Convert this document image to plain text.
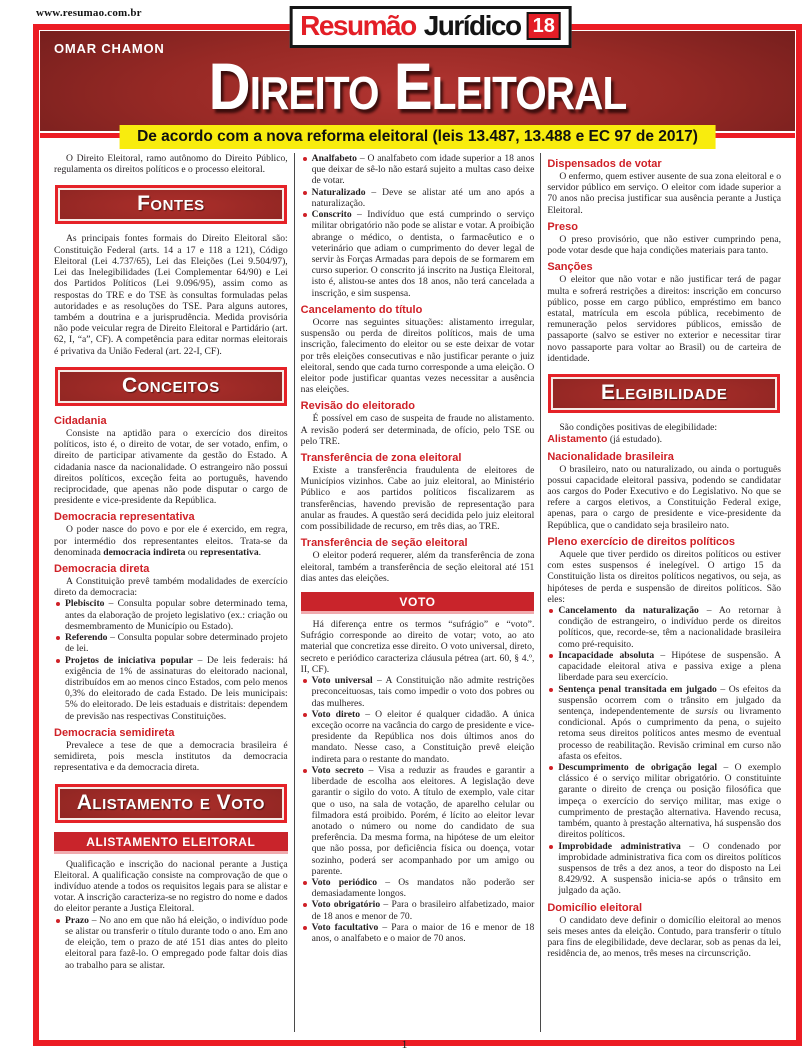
www.resumao.com.br	Resumão Jurídico 18
OMAR CHAMON
Direito Eleitoral
De acordo com a nova reforma eleitoral (leis 13.487, 13.488 e EC 97 de 2017)
O Direito Eleitoral, ramo autônomo do Direito Público, regulamenta os direitos políticos e o processo eleitoral.
Fontes
As principais fontes formais do Direito Eleitoral são: Constituição Federal (arts. 14 a 17 e 118 a 121), Código Eleitoral (Lei 4.737/65), Lei das Eleições (Lei 9.504/97), Lei das Inelegibilidades (Lei Complementar 64/90) e Lei dos Partidos Políticos (Lei 9.096/95), assim como as respostas do TRE e do TSE às consultas formuladas pelas autoridades e as resoluções do TSE. Para alguns autores, também a doutrina e a jurisprudência. Medida provisória não pode veicular regra de Direito Eleitoral e Partidário (art. 62, I, “a”, CF). A competência para editar normas eleitorais é privativa da União Federal (art. 22-I, CF).
Conceitos
Cidadania
Consiste na aptidão para o exercício dos direitos políticos, isto é, o direito de votar, de ser votado, enfim, o direito de participar ativamente da gestão do Estado. A cidadania nasce da nacionalidade. O estrangeiro não possui direitos políticos, exceção feita ao português, havendo reciprocidade, que apenas não pode disputar o cargo de presidente e vice-presidente da República.
Democracia representativa
O poder nasce do povo e por ele é exercido, em regra, por intermédio dos representantes eleitos. Trata-se da denominada democracia indireta ou representativa.
Democracia direta
A Constituição prevê também modalidades de exercício direto da democracia:
Plebiscito – Consulta popular sobre determinado tema, antes da elaboração de projeto legislativo (ex.: criação ou desmembramento de Município ou Estado).
Referendo – Consulta popular sobre determinado projeto de lei.
Projetos de iniciativa popular – De leis federais: há exigência de 1% de assinaturas do eleitorado nacional, distribuídos em ao menos cinco Estados, com pelo menos 0,3% do eleitorado de cada Estado. De leis municipais: 5% do eleitorado. De leis estaduais e distritais: dependem de previsão nas respectivas Constituições.
Democracia semidireta
Prevalece a tese de que a democracia brasileira é semidireta, pois mescla institutos da democracia representativa e da democracia direta.
Alistamento e Voto
ALISTAMENTO ELEITORAL
Qualificação e inscrição do nacional perante a Justiça Eleitoral. A qualificação consiste na comprovação de que o indivíduo atende a todos os requisitos legais para se alistar e votar. A inscrição caracteriza-se no registro do nome e dados do eleitor perante a Justiça Eleitoral.
Prazo – No ano em que não há eleição, o indivíduo pode se alistar ou transferir o título durante todo o ano. Em ano de eleição, tem o prazo de até 151 dias antes do pleito eleitoral para fazê-lo. O empregado pode faltar dois dias ao trabalho para se alistar.
Analfabeto – O analfabeto com idade superior a 18 anos que deixar de sê-lo não estará sujeito a multas caso deixe de votar.
Naturalizado – Deve se alistar até um ano após a naturalização.
Conscrito – Indivíduo que está cumprindo o serviço militar obrigatório não pode se alistar e votar. A proibição abrange o médico, o dentista, o farmacêutico e o veterinário que adiam o cumprimento do dever legal de servir às Forças Armadas para depois de se formarem em curso superior. O conscrito já inscrito na Justiça Eleitoral, isto é, alistou-se antes dos 18 anos, não terá cancelada a inscrição, e sim suspensa.
Cancelamento do título
Ocorre nas seguintes situações: alistamento irregular, suspensão ou perda de direitos políticos, mais de uma inscrição, falecimento do eleitor ou se este deixar de votar por três eleições consecutivas e não justificar perante o juiz eleitoral, sendo que cada turno corresponde a uma eleição. O eleitor pode justificar quantas vezes necessitar a ausência nas eleições.
Revisão do eleitorado
É possível em caso de suspeita de fraude no alistamento. A revisão poderá ser determinada, de ofício, pelo TSE ou pelo TRE.
Transferência de zona eleitoral
Existe a transferência fraudulenta de eleitores de Municípios vizinhos. Cabe ao juiz eleitoral, ao Ministério Público e aos partidos políticos fiscalizarem as transferências, havendo previsão de representação para anular as fraudes. A questão será decidida pelo juiz eleitoral com possibilidade de recurso, em três dias, ao TRE.
Transferência de seção eleitoral
O eleitor poderá requerer, além da transferência de zona eleitoral, também a transferência de seção eleitoral até 151 dias antes das eleições.
VOTO
Há diferença entre os termos “sufrágio” e “voto”. Sufrágio corresponde ao direito de votar; voto, ao ato material que concretiza esse direito. O voto universal, direto, secreto e periódico caracteriza cláusula pétrea (art. 60, § 4.º, II, CF).
Voto universal – A Constituição não admite restrições preconceituosas, tais como impedir o voto dos pobres ou das mulheres.
Voto direto – O eleitor é qualquer cidadão. A única exceção ocorre na vacância do cargo de presidente e vice-presidente da República nos dois últimos anos do mandato. Nesse caso, a Constituição prevê eleição indireta para o restante do mandato.
Voto secreto – Visa a reduzir as fraudes e garantir a liberdade de escolha aos eleitores. A legislação deve garantir o sigilo do voto. A título de exemplo, vale citar que o uso, na sala de votação, de aparelho celular ou filmadora está proibido. Porém, é lícito ao eleitor levar anotado o número ou nome do candidato de sua preferência. Da mesma forma, na hipótese de um eleitor que não possa, por deficiência física ou doença, votar sozinho, poderá ser acompanhado por um amigo ou parente.
Voto periódico – Os mandatos não poderão ser demasiadamente longos.
Voto obrigatório – Para o brasileiro alfabetizado, maior de 18 anos e menor de 70.
Voto facultativo – Para o maior de 16 e menor de 18 anos, o analfabeto e o maior de 70 anos.
Dispensados de votar
O enfermo, quem estiver ausente de sua zona eleitoral e o servidor público em serviço. O eleitor com idade superior a 70 anos não precisa justificar sua ausência perante a Justiça Eleitoral.
Preso
O preso provisório, que não estiver cumprindo pena, pode votar desde que haja condições materiais para tanto.
Sanções
O eleitor que não votar e não justificar terá de pagar multa e sofrerá restrições a direitos: inscrição em concurso público, posse em cargo público, empréstimo em banco estatal, matrícula em escola pública, recebimento de remuneração pelos servidores públicos, emissão de passaporte (salvo se estiver no exterior e necessitar tirar novo passaporte para voltar ao Brasil) ou de carteira de identidade.
Elegibilidade
São condições positivas de elegibilidade:
Alistamento (já estudado).
Nacionalidade brasileira
O brasileiro, nato ou naturalizado, ou ainda o português possui capacidade eleitoral passiva, podendo se candidatar aos cargos do Poder Executivo e do Legislativo. No que se refere a cargos eletivos, a Constituição Federal exige, apenas, para o cargo de presidente e vice-presidente da República, que o candidato seja brasileiro nato.
Pleno exercício de direitos políticos
Aquele que tiver perdido os direitos políticos ou estiver com estes suspensos é inelegível. O artigo 15 da Constituição lista os direitos políticos negativos, ou seja, as hipóteses de perda e suspensão de direitos políticos. São eles:
Cancelamento da naturalização – Ao retornar à condição de estrangeiro, o indivíduo perde os direitos políticos, que, recorde-se, têm a nacionalidade brasileira como pré-requisito.
Incapacidade absoluta – Hipótese de suspensão. A capacidade eleitoral ativa e passiva exige a plena liberdade para seu exercício.
Sentença penal transitada em julgado – Os efeitos da suspensão ocorrem com o trânsito em julgado da sentença, independentemente de sursis ou livramento condicional. Após o cumprimento da pena, o sujeito retoma seus direitos políticos antes mesmo de eventual processo de reabilitação. Revisão criminal em curso não afasta os efeitos.
Descumprimento de obrigação legal – O exemplo clássico é o serviço militar obrigatório. O constituinte garante o direito de crença ou posição filosófica que impeça o exercício do serviço militar, mas exige o cumprimento de prestação alternativa. Havendo recusa, também, quanto à prestação alternativa, há suspensão dos direitos políticos.
Improbidade administrativa – O condenado por improbidade administrativa fica com os direitos políticos suspensos de três a dez anos, a teor do disposto na Lei 8.429/92. A suspensão inicia-se após o trânsito em julgado da ação.
Domicílio eleitoral
O candidato deve definir o domicílio eleitoral ao menos seis meses antes da eleição. Contudo, para transferir o título para fins de elegibilidade, deve declarar, sob as penas da lei, residência de, ao menos, três meses na circunscrição.
1
